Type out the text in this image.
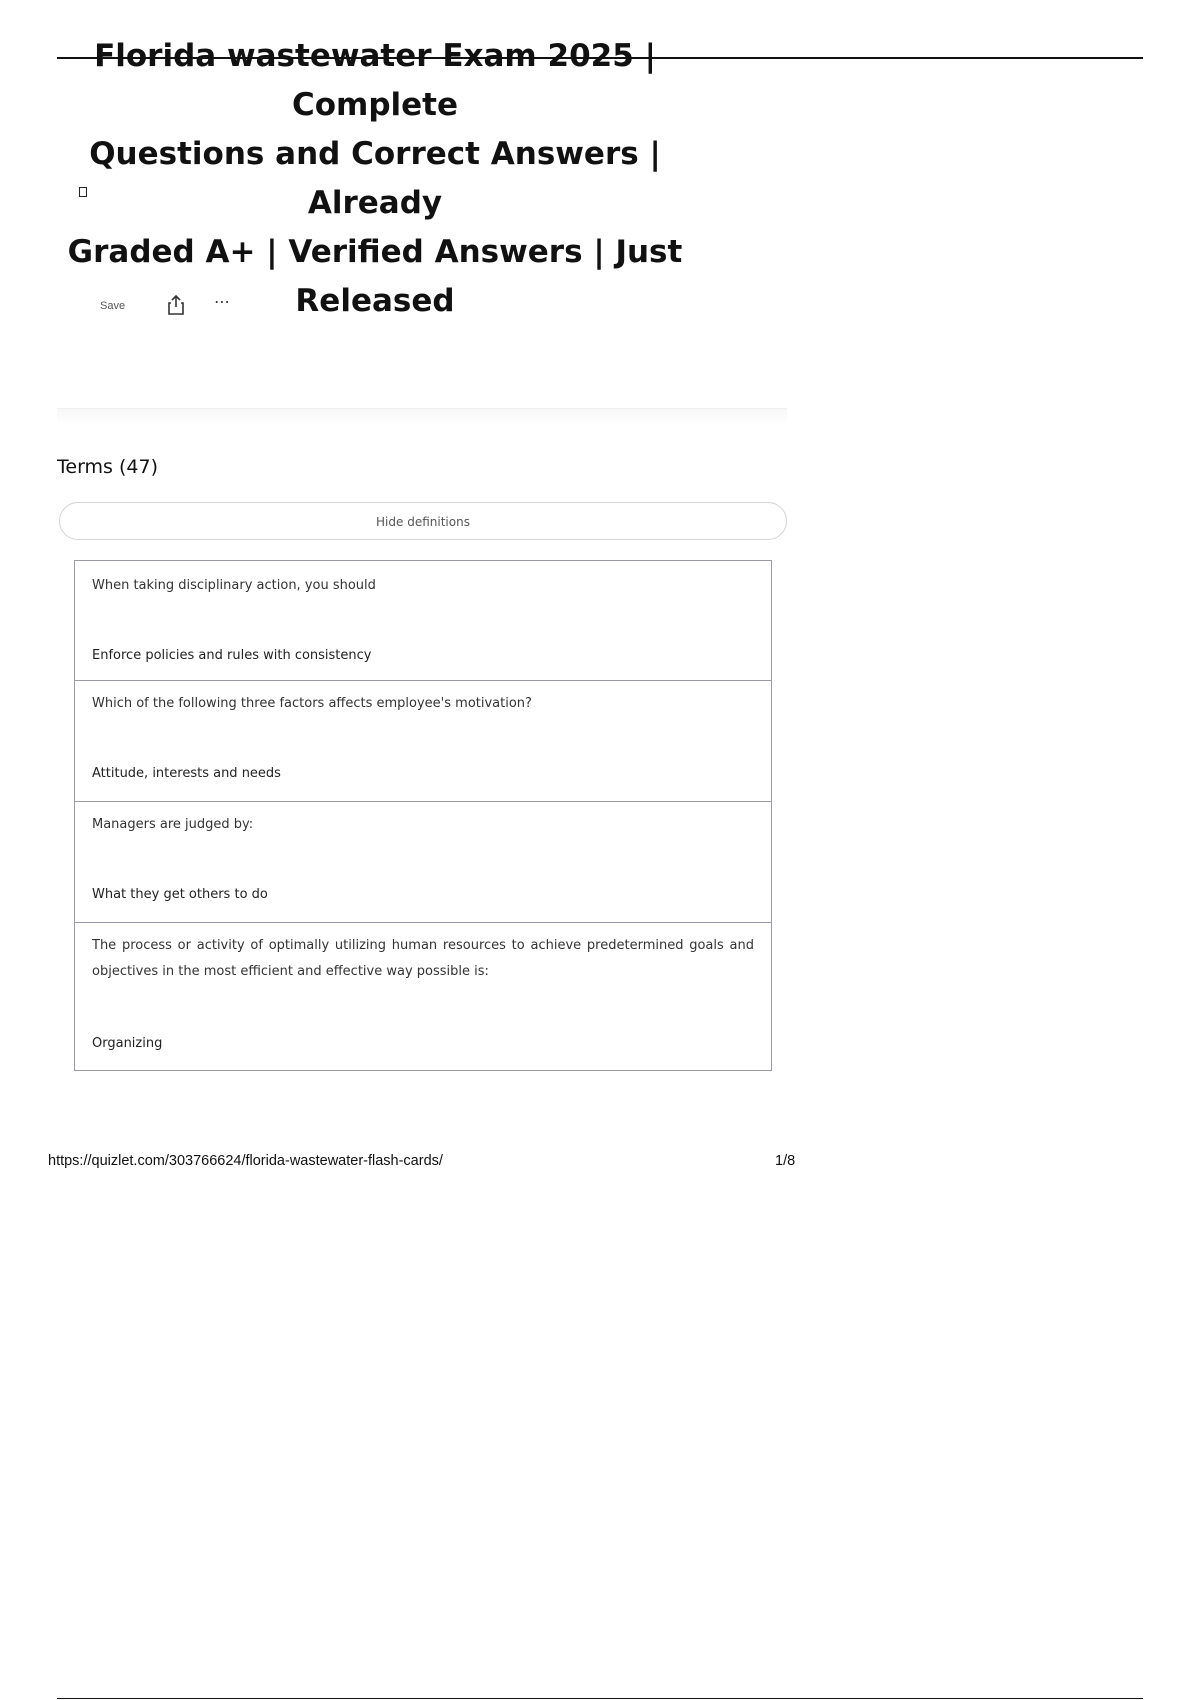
Florida wastewater Exam 2025 | Complete
Questions and Correct Answers | Already
Graded A+ | Verified Answers | Just
Released
Save	⋯
Terms (47)
Hide definitions
When taking disciplinary action, you should
Enforce policies and rules with consistency
Which of the following three factors affects employee's motivation?
Attitude, interests and needs
Managers are judged by:
What they get others to do
The process or activity of optimally utilizing human resources to achieve predetermined goals and objectives in the most efficient and effective way possible is:
Organizing
https://quizlet.com/303766624/florida-wastewater-flash-cards/	1/8
